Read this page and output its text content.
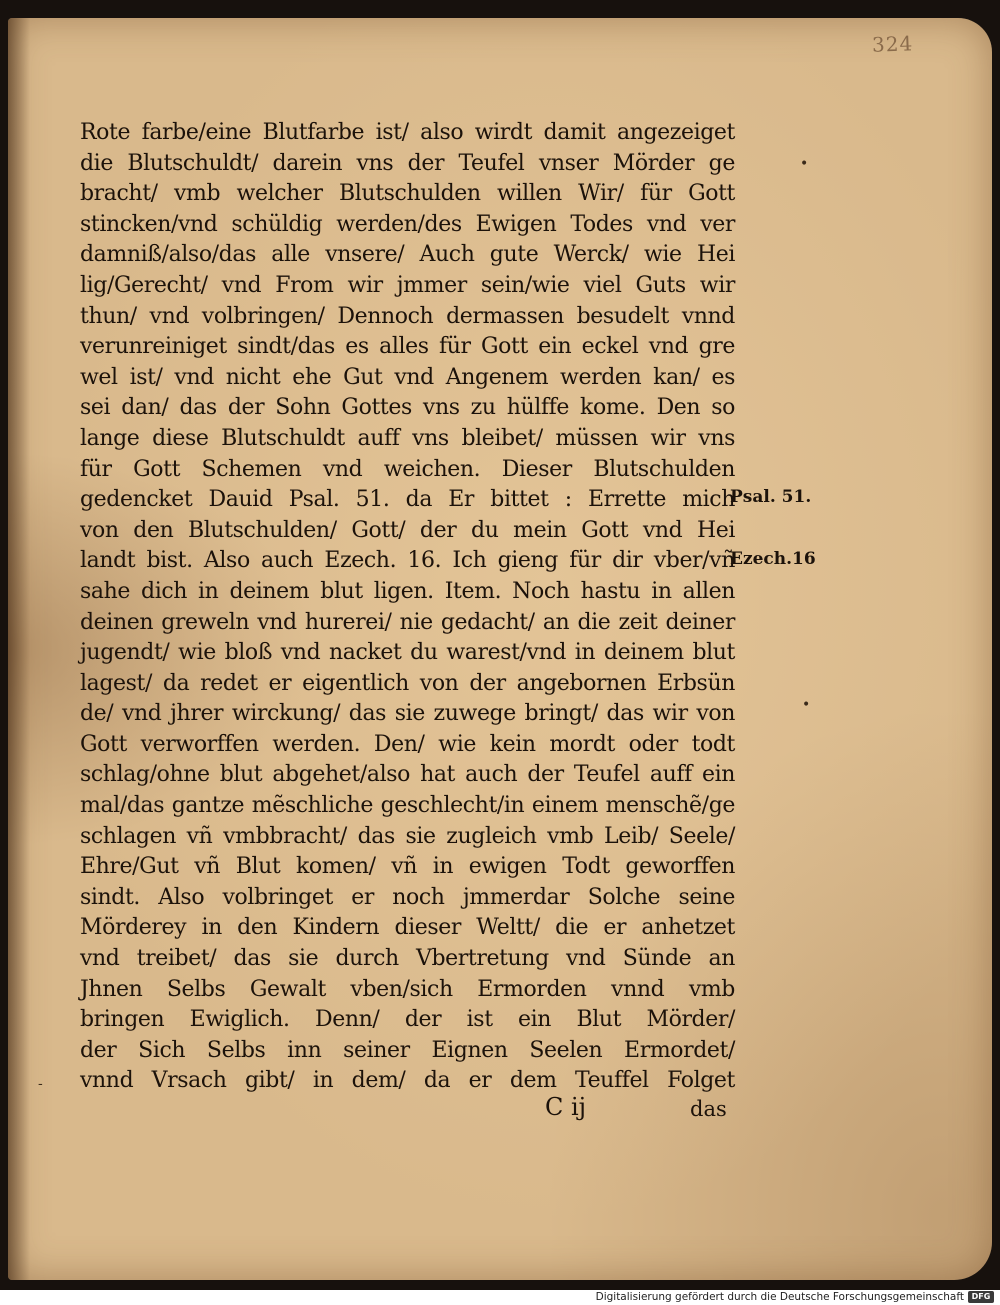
324
Rote farbe/eine Blutfarbe ist/ also wirdt damit angezeiget
die Blutschuldt/ darein vns der Teufel vnser Mörder ge
bracht/ vmb welcher Blutschulden willen Wir/ für Gott
stincken/vnd schüldig werden/des Ewigen Todes vnd ver
damniß/also/das alle vnsere/ Auch gute Werck/ wie Hei
lig/Gerecht/ vnd From wir jmmer sein/wie viel Guts wir
thun/ vnd volbringen/ Dennoch dermassen besudelt vnnd
verunreiniget sindt/das es alles für Gott ein eckel vnd gre
wel ist/ vnd nicht ehe Gut vnd Angenem werden kan/ es
sei dan/ das der Sohn Gottes vns zu hülffe kome. Den so
lange diese Blutschuldt auff vns bleibet/ müssen wir vns
für Gott Schemen vnd weichen. Dieser Blutschulden
gedencket Dauid Psal. 51. da Er bittet : Errette mich
von den Blutschulden/ Gott/ der du mein Gott vnd Hei
landt bist. Also auch Ezech. 16. Ich gieng für dir vber/vñ
sahe dich in deinem blut ligen. Item. Noch hastu in allen
deinen greweln vnd hurerei/ nie gedacht/ an die zeit deiner
jugendt/ wie bloß vnd nacket du warest/vnd in deinem blut
lagest/ da redet er eigentlich von der angebornen Erbsün
de/ vnd jhrer wirckung/ das sie zuwege bringt/ das wir von
Gott verworffen werden. Den/ wie kein mordt oder todt
schlag/ohne blut abgehet/also hat auch der Teufel auff ein
mal/das gantze mẽschliche geschlecht/in einem menschẽ/ge
schlagen vñ vmbbracht/ das sie zugleich vmb Leib/ Seele/
Ehre/Gut vñ Blut komen/ vñ in ewigen Todt geworffen
sindt. Also volbringet er noch jmmerdar Solche seine
Mörderey in den Kindern dieser Weltt/ die er anhetzet
vnd treibet/ das sie durch Vbertretung vnd Sünde an
Jhnen Selbs Gewalt vben/sich Ermorden vnnd vmb
bringen Ewiglich. Denn/ der ist ein Blut Mörder/
der Sich Selbs inn seiner Eignen Seelen Ermordet/
vnnd Vrsach gibt/ in dem/ da er dem Teuffel Folget
Psal. 51.
Ezech.16
C ij	das
•
•
-
Digitalisierung gefördert durch die Deutsche Forschungsgemeinschaft DFG
